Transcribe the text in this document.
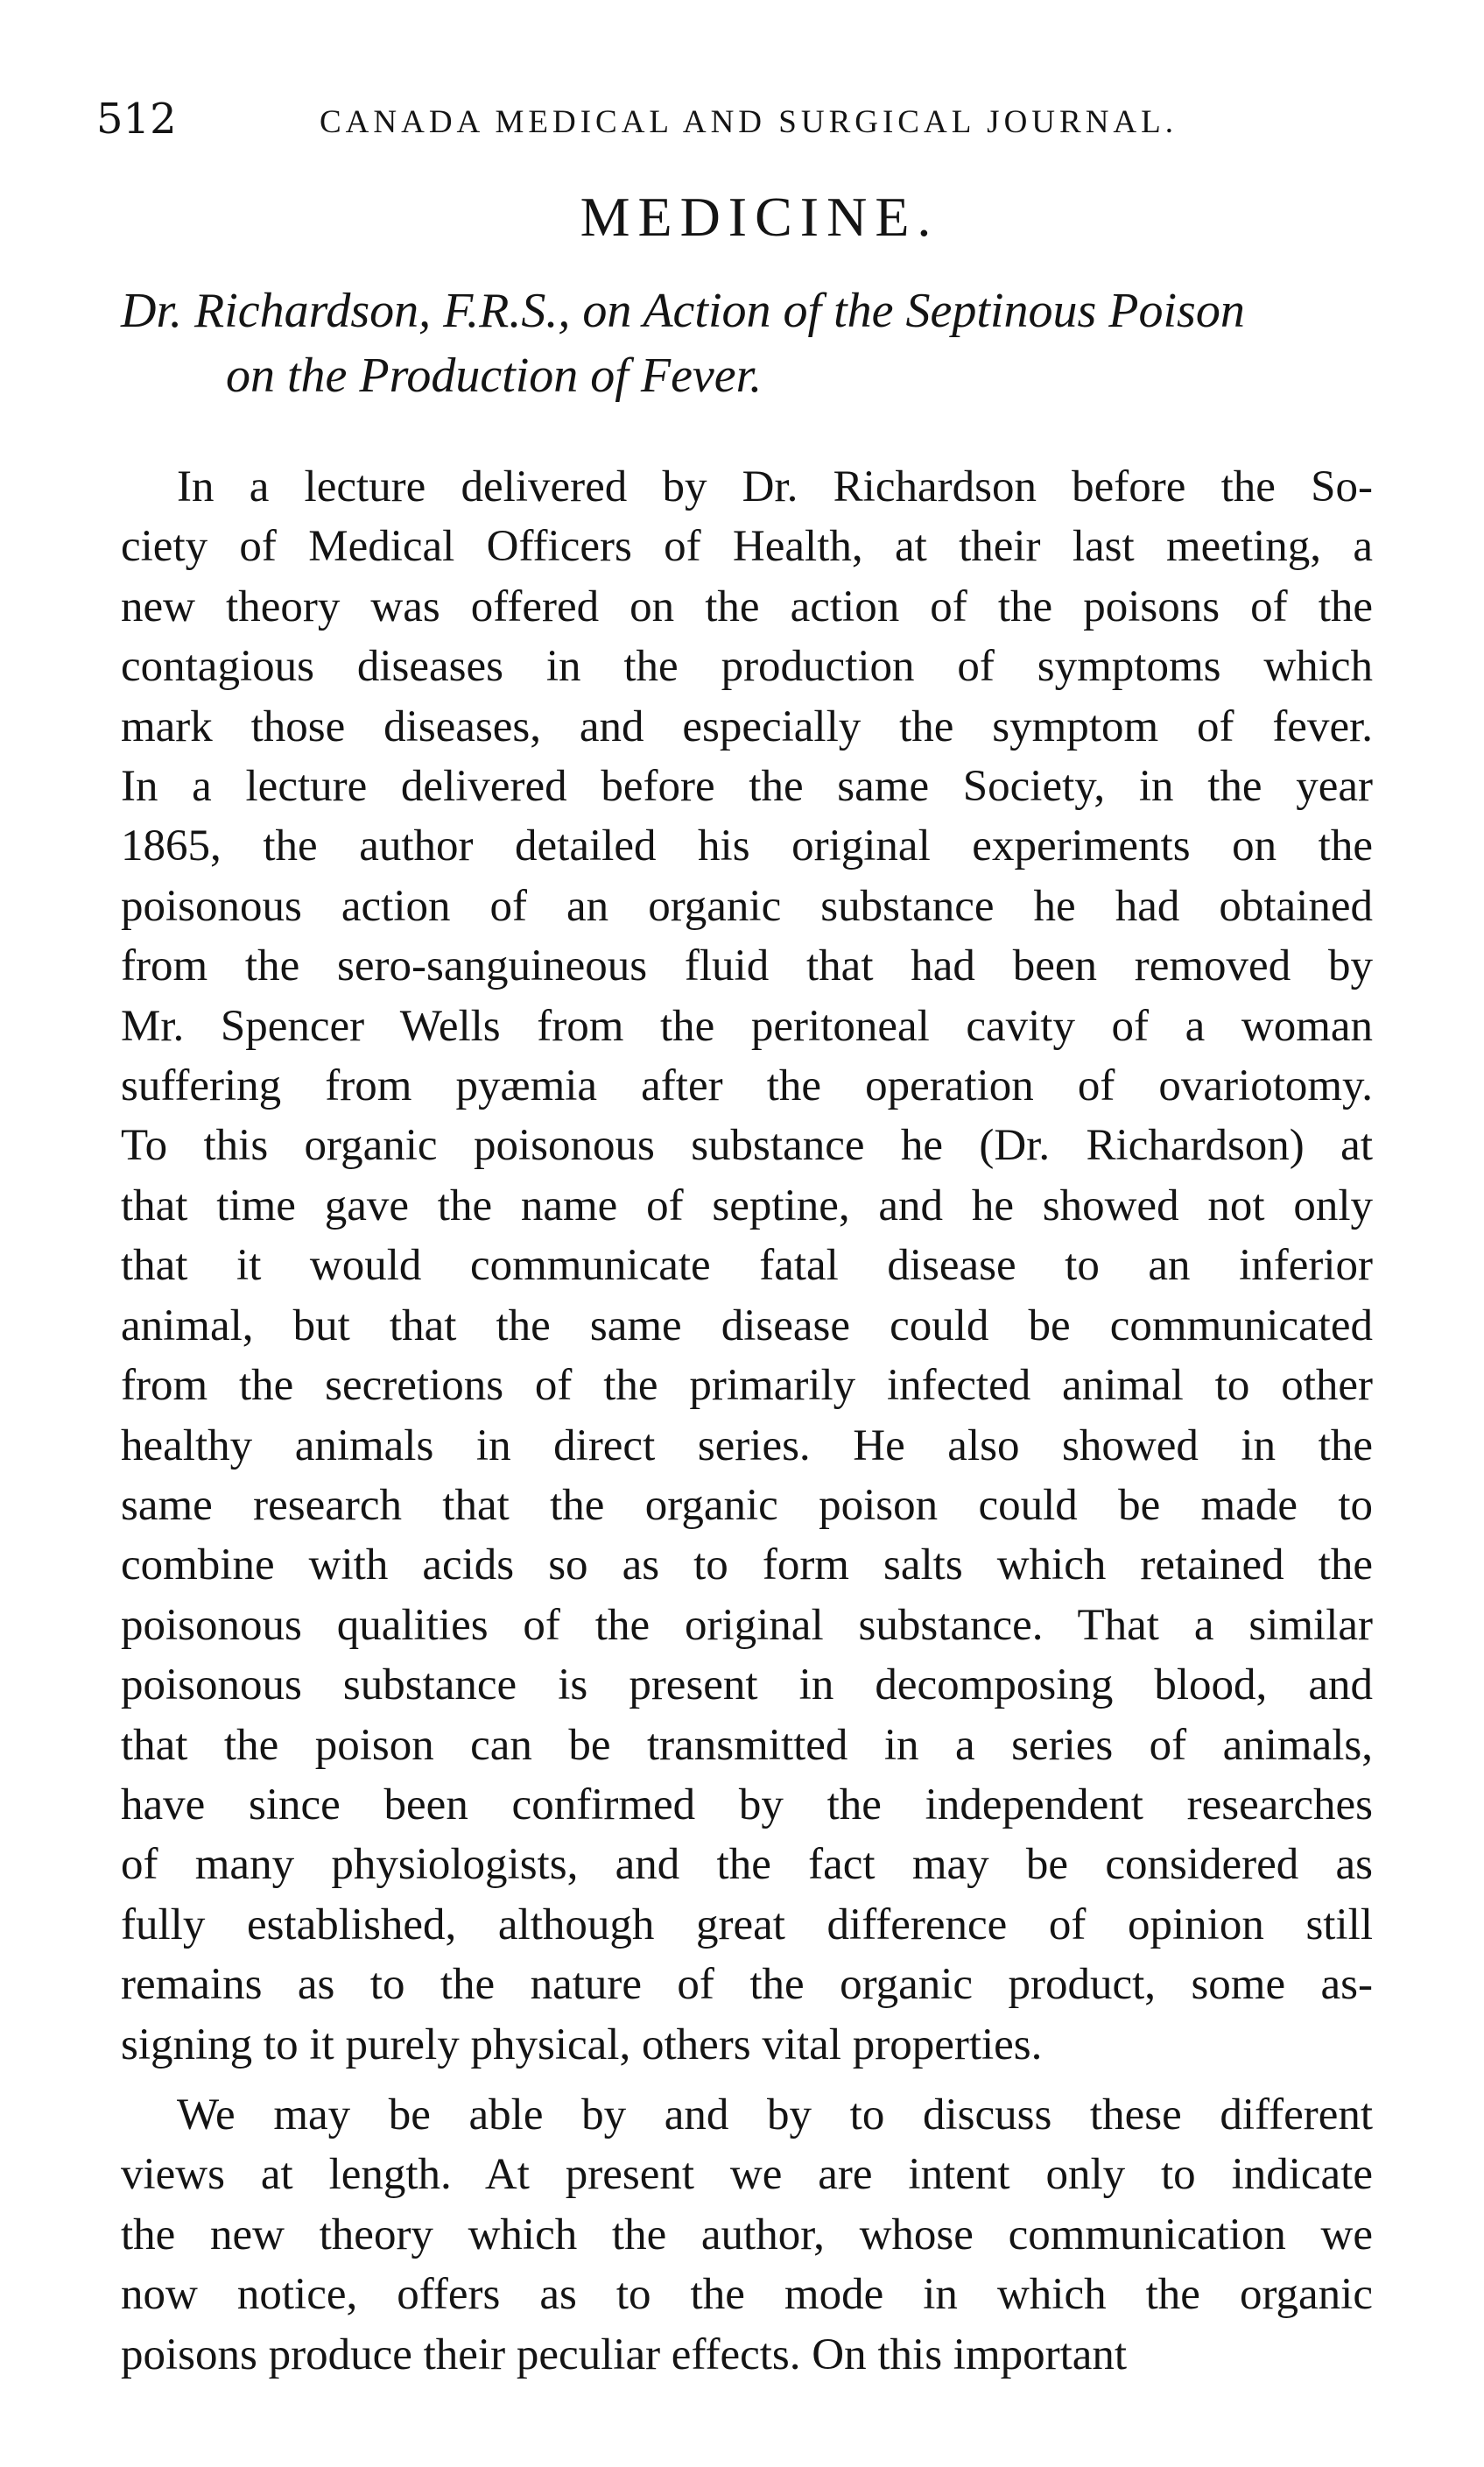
512	CANADA MEDICAL AND SURGICAL JOURNAL.
MEDICINE.
Dr. Richardson, F.R.S., on Action of the Septinous Poison
on the Production of Fever.

In a lecture delivered by Dr. Richardson before the So-
ciety of Medical Officers of Health, at their last meeting, a
new theory was offered on the action of the poisons of the
contagious diseases in the production of symptoms which
mark those diseases, and especially the symptom of fever.
In a lecture delivered before the same Society, in the year
1865, the author detailed his original experiments on the
poisonous action of an organic substance he had obtained
from the sero-sanguineous fluid that had been removed by
Mr. Spencer Wells from the peritoneal cavity of a woman
suffering from pyæmia after the operation of ovariotomy.
To this organic poisonous substance he (Dr. Richardson) at
that time gave the name of septine, and he showed not only
that it would communicate fatal disease to an inferior
animal, but that the same disease could be communicated
from the secretions of the primarily infected animal to other
healthy animals in direct series. He also showed in the
same research that the organic poison could be made to
combine with acids so as to form salts which retained the
poisonous qualities of the original substance. That a similar
poisonous substance is present in decomposing blood, and
that the poison can be transmitted in a series of animals,
have since been confirmed by the independent researches
of many physiologists, and the fact may be considered as
fully established, although great difference of opinion still
remains as to the nature of the organic product, some as-
signing to it purely physical, others vital properties.

We may be able by and by to discuss these different
views at length. At present we are intent only to indicate
the new theory which the author, whose communication we
now notice, offers as to the mode in which the organic
poisons produce their peculiar effects. On this important
